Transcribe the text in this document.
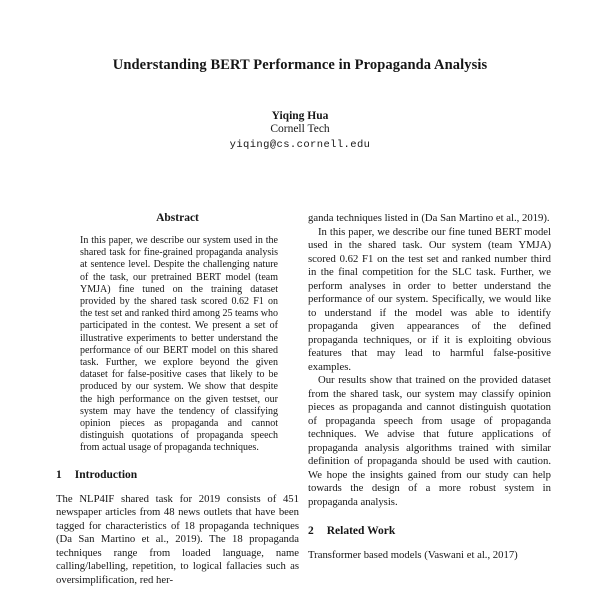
Understanding BERT Performance in Propaganda Analysis
Yiqing Hua
Cornell Tech
yiqing@cs.cornell.edu
Abstract

In this paper, we describe our system used in the shared task for fine-grained propaganda analysis at sentence level. Despite the challenging nature of the task, our pretrained BERT model (team YMJA) fine tuned on the training dataset provided by the shared task scored 0.62 F1 on the test set and ranked third among 25 teams who participated in the contest. We present a set of illustrative experiments to better understand the performance of our BERT model on this shared task. Further, we explore beyond the given dataset for false-positive cases that likely to be produced by our system. We show that despite the high performance on the given testset, our system may have the tendency of classifying opinion pieces as propaganda and cannot distinguish quotations of propaganda speech from actual usage of propaganda techniques.

1 Introduction

The NLP4IF shared task for 2019 consists of 451 newspaper articles from 48 news outlets that have been tagged for characteristics of 18 propaganda techniques (Da San Martino et al., 2019). The 18 propaganda techniques range from loaded language, name calling/labelling, repetition, to logical fallacies such as oversimplification, red her-

ganda techniques listed in (Da San Martino et al., 2019).

In this paper, we describe our fine tuned BERT model used in the shared task. Our system (team YMJA) scored 0.62 F1 on the test set and ranked number third in the final competition for the SLC task. Further, we perform analyses in order to better understand the performance of our system. Specifically, we would like to understand if the model was able to identify propaganda given appearances of the defined propaganda techniques, or if it is exploiting obvious features that may lead to harmful false-positive examples.

Our results show that trained on the provided dataset from the shared task, our system may classify opinion pieces as propaganda and cannot distinguish quotation of propaganda speech from usage of propaganda techniques. We advise that future applications of propaganda analysis algorithms trained with similar definition of propaganda should be used with caution. We hope the insights gained from our study can help towards the design of a more robust system in propaganda analysis.

2 Related Work

Transformer based models (Vaswani et al., 2017)
